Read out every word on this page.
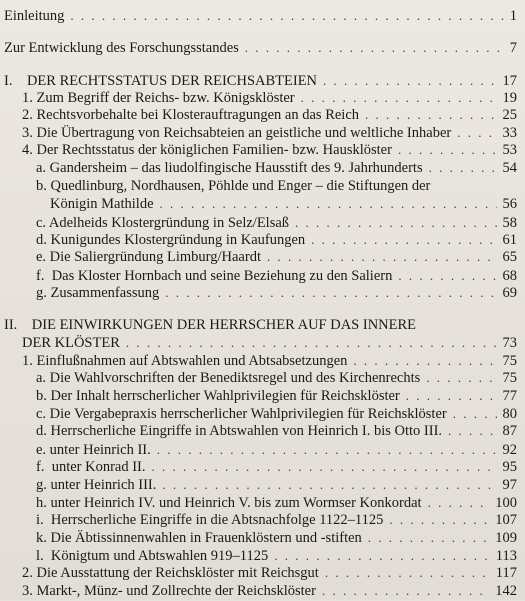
Einleitung	1
. . .
Zur Entwicklung des Forschungsstandes	7
. . .
I. DER RECHTSSTATUS DER REICHSABTEIEN	17
. . .
1. Zum Begriff der Reichs- bzw. Königsklöster	19
. . .
2. Rechtsvorbehalte bei Klosterauftragungen an das Reich	25
. . .
3. Die Übertragung von Reichsabteien an geistliche und weltliche Inhaber	33
. . .
4. Der Rechtsstatus der königlichen Familien- bzw. Hausklöster	53
. . .
a. Gandersheim – das liudolfingische Hausstift des 9. Jahrhunderts	54
. . .
b. Quedlinburg, Nordhausen, Pöhlde und Enger – die Stiftungen der
Königin Mathilde	56
. . .
c. Adelheids Klostergründung in Selz/Elsaß	58
. . .
d. Kunigundes Klostergründung in Kaufungen	61
. . .
e. Die Saliergründung Limburg/Haardt	65
. . .
f. Das Kloster Hornbach und seine Beziehung zu den Saliern	68
. . .
g. Zusammenfassung	69
. . .
II. DIE EINWIRKUNGEN DER HERRSCHER AUF DAS INNERE
DER KLÖSTER	73
. . .
1. Einflußnahmen auf Abtswahlen und Abtsabsetzungen	75
. . .
a. Die Wahlvorschriften der Benediktsregel und des Kirchenrechts	75
. . .
b. Der Inhalt herrscherlicher Wahlprivilegien für Reichsklöster	77
. . .
c. Die Vergabepraxis herrscherlicher Wahlprivilegien für Reichsklöster	80
. . .
d. Herrscherliche Eingriffe in Abtswahlen von Heinrich I. bis Otto III.	87
. . .
e. unter Heinrich II.	92
. . .
f. unter Konrad II.	95
. . .
g. unter Heinrich III.	97
. . .
h. unter Heinrich IV. und Heinrich V. bis zum Wormser Konkordat	100
. . .
i. Herrscherliche Eingriffe in die Abtsnachfolge 1122–1125	107
. . .
k. Die Äbtissinnenwahlen in Frauenklöstern und -stiften	109
. . .
l. Königtum und Abtswahlen 919–1125	113
. . .
2. Die Ausstattung der Reichsklöster mit Reichsgut	117
. . .
3. Markt-, Münz- und Zollrechte der Reichsklöster	142
. . .
